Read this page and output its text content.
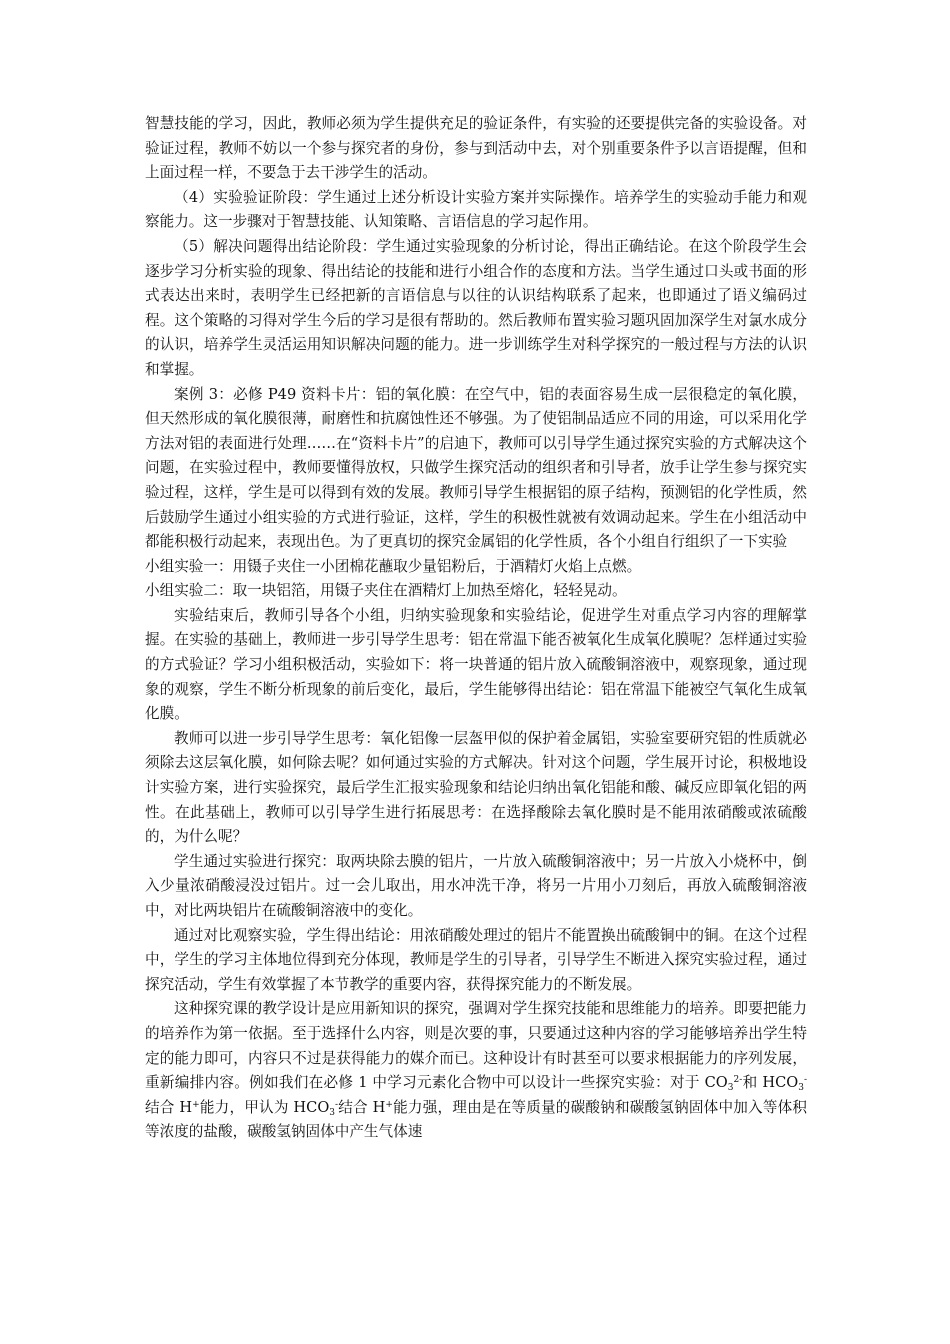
智慧技能的学习，因此，教师必须为学生提供充足的验证条件，有实验的还要提供完备的实验设备。对验证过程，教师不妨以一个参与探究者的身份，参与到活动中去，对个别重要条件予以言语提醒，但和上面过程一样，不要急于去干涉学生的活动。

（4）实验验证阶段：学生通过上述分析设计实验方案并实际操作。培养学生的实验动手能力和观察能力。这一步骤对于智慧技能、认知策略、言语信息的学习起作用。

（5）解决问题得出结论阶段：学生通过实验现象的分析讨论，得出正确结论。在这个阶段学生会逐步学习分析实验的现象、得出结论的技能和进行小组合作的态度和方法。当学生通过口头或书面的形式表达出来时，表明学生已经把新的言语信息与以往的认识结构联系了起来，也即通过了语义编码过程。这个策略的习得对学生今后的学习是很有帮助的。然后教师布置实验习题巩固加深学生对氯水成分的认识，培养学生灵活运用知识解决问题的能力。进一步训练学生对科学探究的一般过程与方法的认识和掌握。

案例 3：必修 P49 资料卡片：铝的氧化膜：在空气中，铝的表面容易生成一层很稳定的氧化膜，但天然形成的氧化膜很薄，耐磨性和抗腐蚀性还不够强。为了使铝制品适应不同的用途，可以采用化学方法对铝的表面进行处理……在“资料卡片”的启迪下，教师可以引导学生通过探究实验的方式解决这个问题，在实验过程中，教师要懂得放权，只做学生探究活动的组织者和引导者，放手让学生参与探究实验过程，这样，学生是可以得到有效的发展。教师引导学生根据铝的原子结构，预测铝的化学性质，然后鼓励学生通过小组实验的方式进行验证，这样，学生的积极性就被有效调动起来。学生在小组活动中都能积极行动起来，表现出色。为了更真切的探究金属铝的化学性质，各个小组自行组织了一下实验

小组实验一：用镊子夹住一小团棉花蘸取少量铝粉后，于酒精灯火焰上点燃。

小组实验二：取一块铝箔，用镊子夹住在酒精灯上加热至熔化，轻轻晃动。

实验结束后，教师引导各个小组，归纳实验现象和实验结论，促进学生对重点学习内容的理解掌握。在实验的基础上，教师进一步引导学生思考：铝在常温下能否被氧化生成氧化膜呢？怎样通过实验的方式验证？学习小组积极活动，实验如下：将一块普通的铝片放入硫酸铜溶液中，观察现象，通过现象的观察，学生不断分析现象的前后变化，最后，学生能够得出结论：铝在常温下能被空气氧化生成氧化膜。

教师可以进一步引导学生思考：氧化铝像一层盔甲似的保护着金属铝，实验室要研究铝的性质就必须除去这层氧化膜，如何除去呢？如何通过实验的方式解决。针对这个问题，学生展开讨论，积极地设计实验方案，进行实验探究，最后学生汇报实验现象和结论归纳出氧化铝能和酸、碱反应即氧化铝的两性。在此基础上，教师可以引导学生进行拓展思考：在选择酸除去氧化膜时是不能用浓硝酸或浓硫酸的，为什么呢？

学生通过实验进行探究：取两块除去膜的铝片，一片放入硫酸铜溶液中；另一片放入小烧杯中，倒入少量浓硝酸浸没过铝片。过一会儿取出，用水冲洗干净，将另一片用小刀刻后，再放入硫酸铜溶液中，对比两块铝片在硫酸铜溶液中的变化。

通过对比观察实验，学生得出结论：用浓硝酸处理过的铝片不能置换出硫酸铜中的铜。在这个过程中，学生的学习主体地位得到充分体现，教师是学生的引导者，引导学生不断进入探究实验过程，通过探究活动，学生有效掌握了本节教学的重要内容，获得探究能力的不断发展。

这种探究课的教学设计是应用新知识的探究，强调对学生探究技能和思维能力的培养。即要把能力的培养作为第一依据。至于选择什么内容，则是次要的事，只要通过这种内容的学习能够培养出学生特定的能力即可，内容只不过是获得能力的媒介而已。这种设计有时甚至可以要求根据能力的序列发展，重新编排内容。例如我们在必修 1 中学习元素化合物中可以设计一些探究实验：对于 $CO_3^{2-}$和 $HCO_3^-$结合 H+能力，甲认为 $HCO_3^-$结合 H+能力强，理由是在等质量的碳酸钠和碳酸氢钠固体中加入等体积等浓度的盐酸，碳酸氢钠固体中产生气体速
